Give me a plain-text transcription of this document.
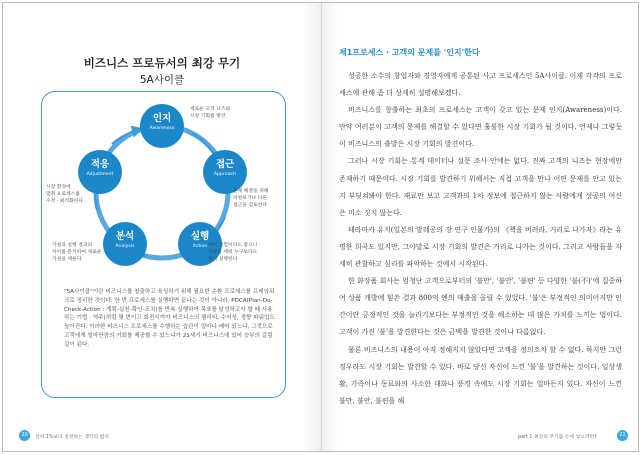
비즈니스 프로듀서의 최강 무기
5A사이클
인지
Awareness
접근
Approach
실행
Action
분석
Analysis
적응
Adjustment
세로운 고객 니즈와
시장 기회를 발견
문제 해결을 위해
지원하거나 다른
접근을 검토한다
여러 실험이라도 좋으니
가설을 세워 누구보다도
빨리 실행한다
가설과 실행 결과의
차이를 분석하여 새로운
가설을 세운다
시장 환경에
맞춰 프로세스를
수정 · 최적화한다

"5A사이클"이란 비즈니스를 창출하고 육성하기 위해 필요한 순환 프로세스를 프레임워크로 정리한 것이다. 한 번 프로세스를 실행하면 끝나는 것이 아니라, PDCA(Plan-Do-Check-Action : 계획-실천-확인-조치)를 반복 실행하여 목표를 달성하고자 할 때 사용하는 기법 · 역주)처럼 몇 번이고 회전시켜야 비즈니스의 퀄리티, 수익성, 경향 파워업도 높아진다. 이러한 비즈니스 프로세스를 수행하는 습관이 얼마나 배어 있느냐, 그것으로 고객에게 얼마만큼의 기회를 제공할 수 있느냐가 21세기 비즈니스에 있어 승부의 갈림길이 된다.

20	상위 1%보다 실천하는 생각의 법칙
제1프로세스 · 고객의 문제를 '인지'한다

성공한 소수의 창업자와 경영자에게 공통된 사고 프로세스인 5A사이클. 이제 각각의 프로세스에 관해 좀 더 상세히 설명해보겠다.

비즈니스를 창출하는 최초의 프로세스는 고객이 갖고 있는 문제 인지(Awareness)이다. 만약 여러분이 고객의 문제를 해결할 수 있다면 훌륭한 시장 기회가 될 것이다. 언제나 그렇듯이 비즈니스의 출발은 시장 기회의 발견이다.

그러나 시장 기회는 통계 데이터나 설문 조사 안에는 없다. 진짜 고객의 니즈는 현장에만 존재하기 때문이다. 시장 기회를 발견하기 위해서는 직접 고객을 만나 어떤 문제를 안고 있는지 부딪쳐봐야 한다. 재료만 보고 고객과의 1차 정보에 접근하지 않는 사람에게 성공의 여신은 미소 짓지 않는다.

테라마카 유지(일본의 발레공의 장 연구 인물가)의 《책을 버려라, 거리로 나가자》라는 유명한 희곡도 있지만, 그야말로 시장 기회의 발견은 거리로 나가는 것이다. 그리고 사람들을 자세히 관찰하고 심리를 파악하는 것에서 시작된다.

한 화장품 회사는 엄청난 고객으로부터의 '불만', '불안', '불편' 등 다양한 '불(不)'에 집중하여 상품 개발에 힘쓴 결과 800억 엔의 매출을 올릴 수 있었다. '불'은 부정적인 의미이지만 인간이란 긍정적인 것을 늘리기보다는 부정적인 것을 해소하는 데 많은 가치를 느끼는 법이다. 고객이 가진 '불'을 발견한다는 것은 금맥을 발견한 것이나 다름없다.

물론 비즈니스의 내용이 아직 정해지지 않았다면 고객을 정의조차 할 수 없다. 하지만 그런 경우라도 시장 기회는 발견할 수 있다. 바로 당신 자신이 느낀 '불'을 발견하는 것이다. 일상생활, 가족이나 동료와의 사소한 대화나 풍경 속에도 시장 기회는 얼마든지 있다. 자신이 느낀 불만, 불안, 불편을 해

part 1 최강의 무기를 손에 넣으려면?	21
